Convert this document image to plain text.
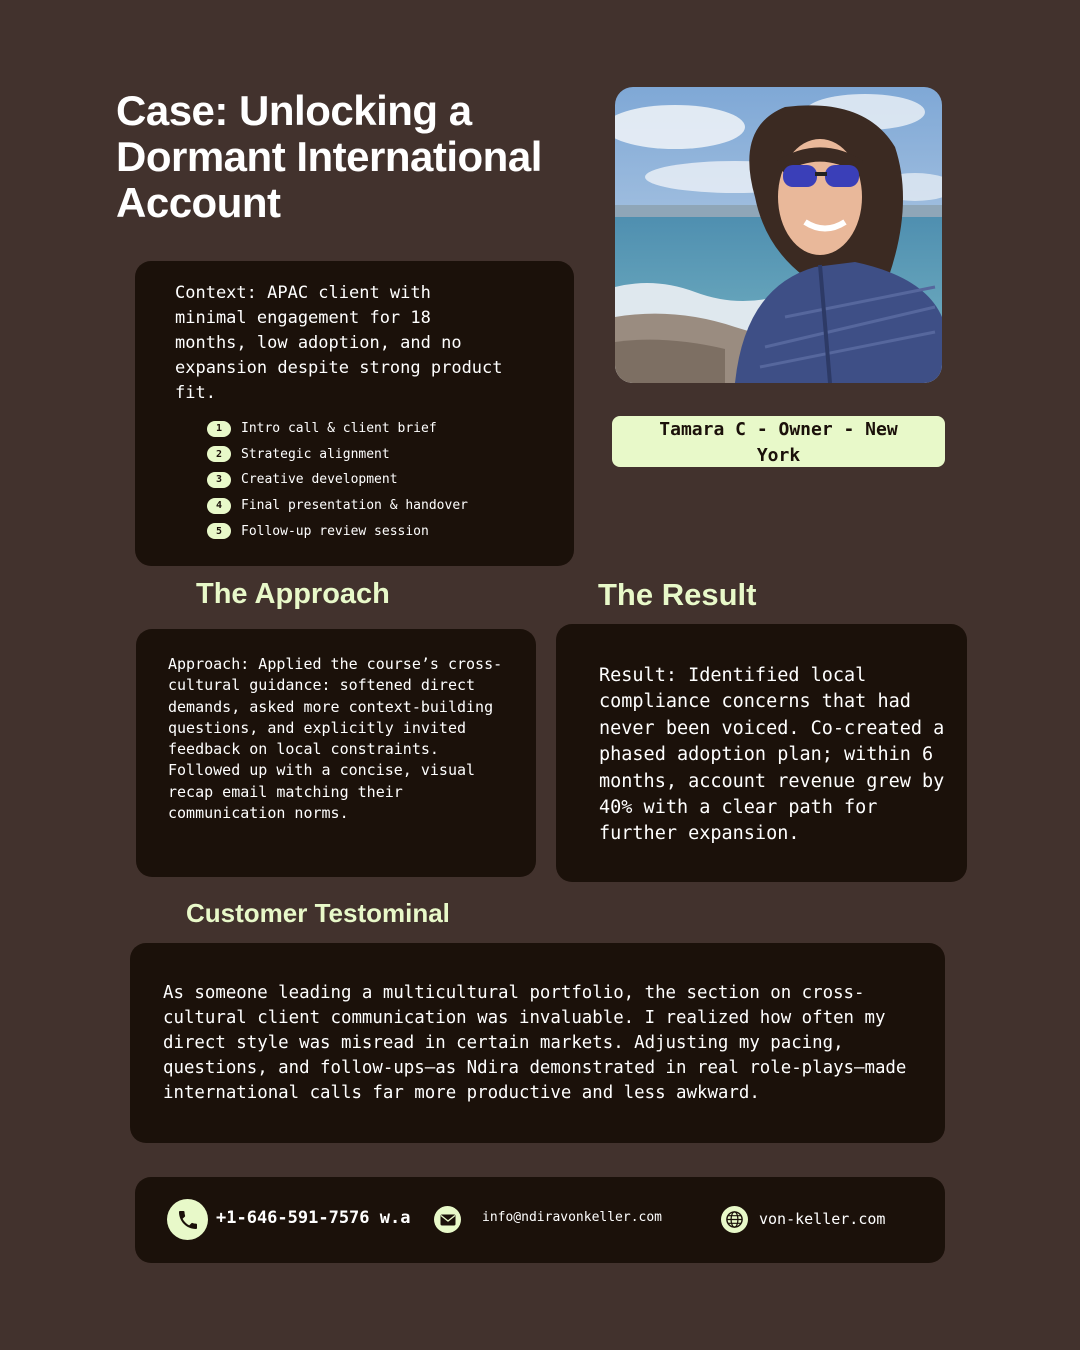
Case: Unlocking a Dormant International Account
Context: APAC client with
minimal engagement for 18
months, low adoption, and no
expansion despite strong product
fit.
1	Intro call & client brief
2	Strategic alignment
3	Creative development
4	Final presentation & handover
5	Follow-up review session
Tamara C - Owner - New York
The Approach	The Result
Approach: Applied the course’s cross-cultural guidance: softened direct demands, asked more context-building questions, and explicitly invited feedback on local constraints. Followed up with a concise, visual recap email matching their communication norms.
Result: Identified local compliance concerns that had never been voiced. Co-created a phased adoption plan; within 6 months, account revenue grew by 40% with a clear path for further expansion.
Customer Testominal
As someone leading a multicultural portfolio, the section on cross-cultural client communication was invaluable. I realized how often my direct style was misread in certain markets. Adjusting my pacing, questions, and follow-ups—as Ndira demonstrated in real role-plays—made international calls far more productive and less awkward.
+1-646-591-7576 w.a	info@ndiravonkeller.com	von-keller.com
